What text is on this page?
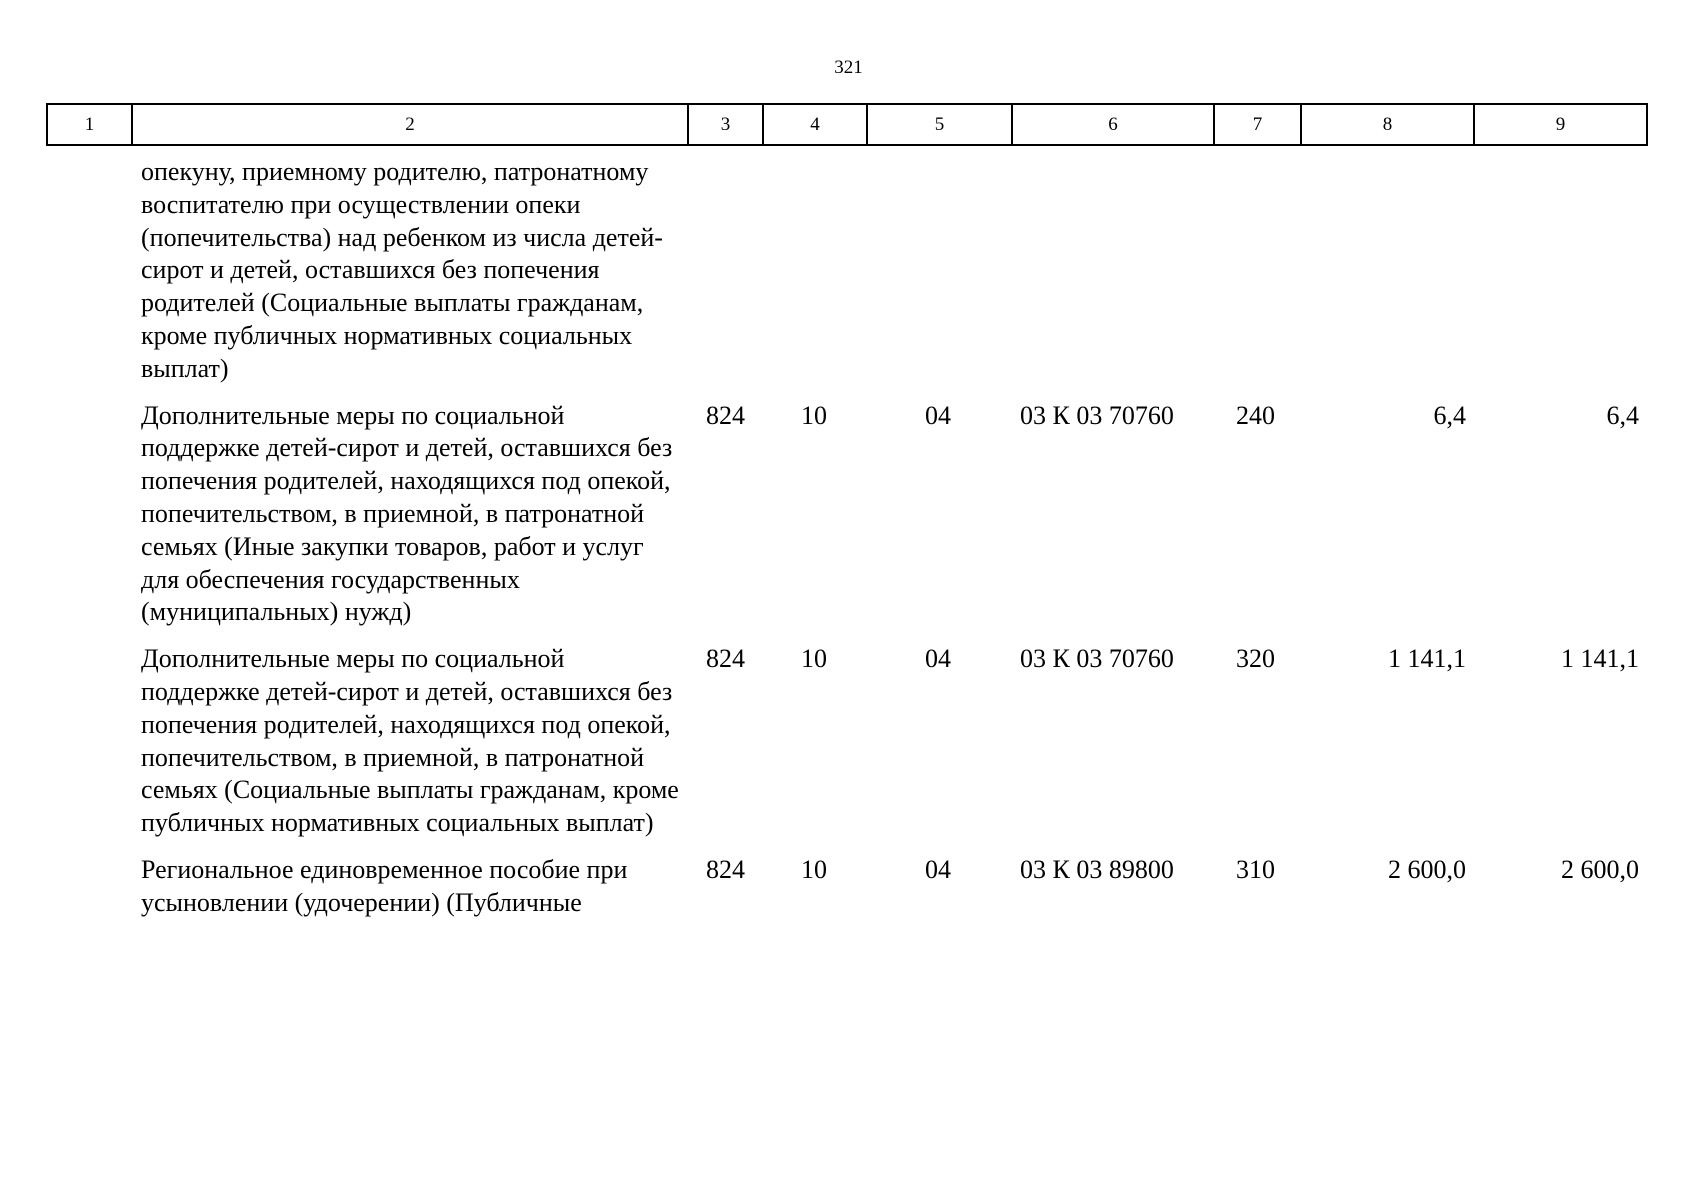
321
1	2	3	4	5	6	7	8	9
	опекуну, приемному родителю, патронатному воспитателю при осуществлении опеки (попечительства) над ребенком из числа детей-сирот и детей, оставшихся без попечения родителей (Социальные выплаты гражданам, кроме публичных нормативных социальных выплат)							
	Дополнительные меры по социальной поддержке детей-сирот и детей, оставшихся без попечения родителей, находящихся под опекой, попечительством, в приемной, в патронатной семьях (Иные закупки товаров, работ и услуг для обеспечения государственных (муниципальных) нужд)	824	10	04	03 К 03 70760	240	6,4	6,4
	Дополнительные меры по социальной поддержке детей-сирот и детей, оставшихся без попечения родителей, находящихся под опекой, попечительством, в приемной, в патронатной семьях (Социальные выплаты гражданам, кроме публичных нормативных социальных выплат)	824	10	04	03 К 03 70760	320	1 141,1	1 141,1
	Региональное единовременное пособие при усыновлении (удочерении) (Публичные	824	10	04	03 К 03 89800	310	2 600,0	2 600,0
